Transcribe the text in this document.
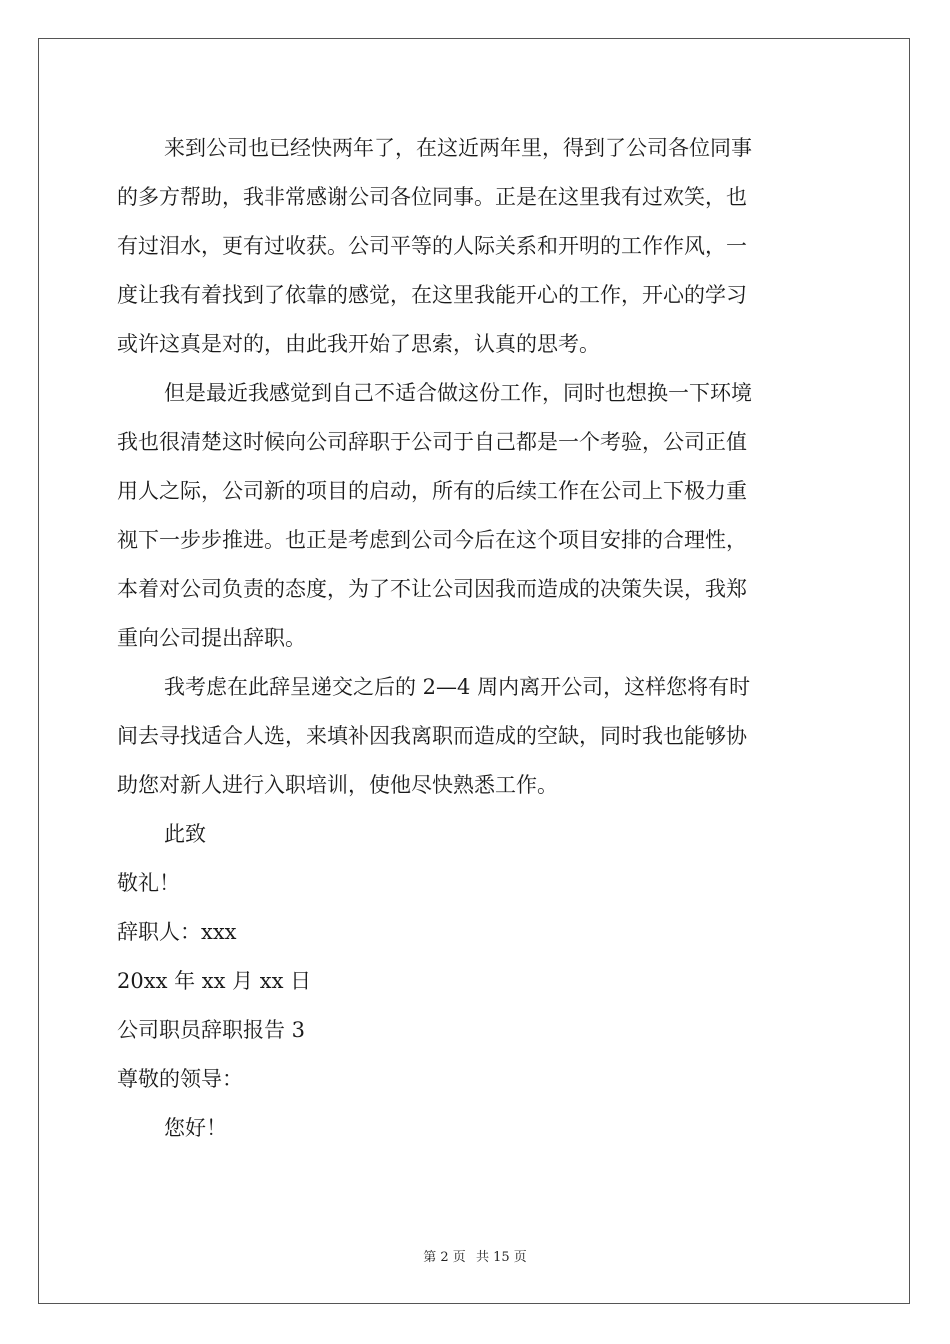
来到公司也已经快两年了，在这近两年里，得到了公司各位同事

的多方帮助，我非常感谢公司各位同事。正是在这里我有过欢笑，也

有过泪水，更有过收获。公司平等的人际关系和开明的工作作风，一

度让我有着找到了依靠的感觉，在这里我能开心的工作，开心的学习

或许这真是对的，由此我开始了思索，认真的思考。

但是最近我感觉到自己不适合做这份工作，同时也想换一下环境

我也很清楚这时候向公司辞职于公司于自己都是一个考验，公司正值

用人之际，公司新的项目的启动，所有的后续工作在公司上下极力重

视下一步步推进。也正是考虑到公司今后在这个项目安排的合理性，

本着对公司负责的态度，为了不让公司因我而造成的决策失误，我郑

重向公司提出辞职。

我考虑在此辞呈递交之后的 2—4 周内离开公司，这样您将有时

间去寻找适合人选，来填补因我离职而造成的空缺，同时我也能够协

助您对新人进行入职培训，使他尽快熟悉工作。

此致

敬礼！

辞职人：xxx

20xx 年 xx 月 xx 日

公司职员辞职报告 3

尊敬的领导：

您好！

第 2 页 共 15 页
